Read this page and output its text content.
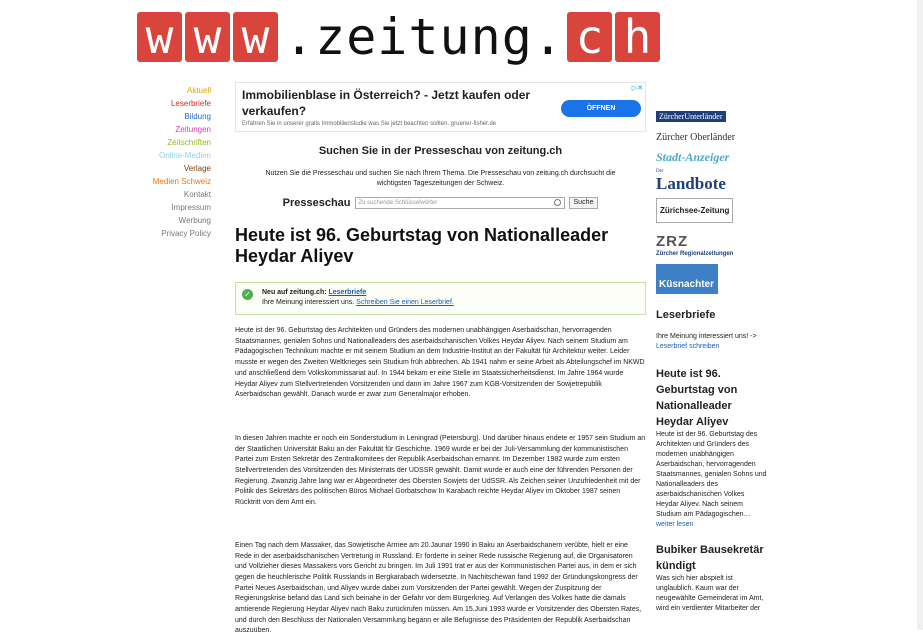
w w w .zeitung. c h
Aktuell
Leserbriefe
Bildung
Zeitungen
Zeitschriften
Online-Medien
Verlage
Medien Schweiz
Kontakt
Impressum
Werbung
Privacy Policy
Immobilienblase in Österreich? - Jetzt kaufen oder verkaufen?
Erfahren Sie in unserer gratis Immobilienstudie was Sie jetzt beachten sollten. gruener-fisher.de
ÖFFNEN
▷✕
Suchen Sie in der Presseschau von zeitung.ch
Nutzen Sie die Presseschau und suchen Sie nach Ihrem Thema. Die Presseschau von zeitung.ch durchsucht die wichtigsten Tageszeitungen der Schweiz.
Presseschau	Zu suchende Schlüsselwörter	Suche
Heute ist 96. Geburtstag von Nationalleader Heydar Aliyev
✓	Neu auf zeitung.ch: Leserbriefe
Ihre Meinung interessiert uns. Schreiben Sie einen Leserbrief.

Heute ist der 96. Geburtstag des Architekten und Gründers des modernen unabhängigen Aserbaidschan, hervorragenden Staatsmannes, genialen Sohns und Nationalleaders des aserbaidschanischen Volkes Heydar Aliyev. Nach seinem Studium am Pädagogischen Technikum machte er mit seinem Studium an dem Industrie-Institut an der Fakultät für Architektur weiter. Leider musste er wegen des Zweiten Weltkrieges sein Studium früh abbrechen. Ab 1941 nahm er seine Arbeit als Abteilungschef im NKWD und anschließend dem Volkskommissariat auf. In 1944 bekam er eine Stelle im Staatssicherheitsdienst. Im Jahre 1964 wurde Heydar Aliyev zum Stellvertretenden Vorsitzenden und dann im Jahre 1967 zum KGB-Vorsitzenden der Sowjetrepublik Aserbaidschan gewählt. Danach wurde er zwar zum Generalmajor erhoben.

In diesen Jahren machte er noch ein Sonderstudium in Leningrad (Petersburg). Und darüber hinaus endete er 1957 sein Studium an der Staatlichen Universität Baku an der Fakultät für Geschichte. 1969 wurde er bei der Juli-Versammlung der kommunistischen Partei zum Ersten Sekretär des Zentralkomitees der Republik Aserbaidschan ernannt. Im Dezember 1982 wurde zum ersten Stellvertretenden des Vorsitzenden des Ministerrats der UDSSR gewählt. Damit wurde er auch eine der führenden Personen der Regierung. Zwanzig Jahre lang war er Abgeordneter des Obersten Sowjets der UdSSR. Als Zeichen seiner Unzufriedenheit mit der Politik des Sekretärs des politischen Büros Michael Gorbatschow In Karabach reichte Heydar Aliyev im Oktober 1987 seinen Rücktritt von dem Amt ein.

Einen Tag nach dem Massaker, das Sowjetische Armee am 20.Jaunar 1990 in Baku an Aserbaidschanern verübte, hielt er eine Rede in der aserbaidschanischen Vertretung in Russland. Er forderte in seiner Rede russische Regierung auf, die Organisatoren und Vollzieher dieses Massakers vors Gericht zu bringen. Im Juli 1991 trat er aus der Kommunistischen Partei aus, in dem er sich gegen die heuchlerische Politik Russlands in Bergkarabach widersetzte. In Nachitschewan fand 1992 der Gründungskongress der Partei Neues Aserbaidschan, und Aliyev wurde dabei zum Vorsitzenden der Partei gewählt. Wegen der Zuspitzung der Regierungskrise befand das Land sich beinahe in der Gefahr vor dem Bürgerkrieg. Auf Verlangen des Volkes hatte die damals amtierende Regierung Heydar Aliyev nach Baku zurückrufen müssen. Am 15.Juni 1993 wurde er Vorsitzender des Obersten Rates, und durch den Beschluss der Nationalen Versammlung begann er alle Befugnisse des Präsidenten der Republik Aserbaidschan auszuüben.

ZürcherUnterländer
Zürcher Oberländer
Stadt-Anzeiger
Der
Landbote
Zürichsee-Zeitung
ZRZ
Zürcher Regionalzeitungen
Küsnachter
Leserbriefe
Ihre Meinung interessiert uns! ->
Leserbrief schreiben
Heute ist 96. Geburtstag von Nationalleader Heydar Aliyev
Heute ist der 96. Geburtstag des Architekten und Gründers des modernen unabhängigen Aserbaidschan, hervorragenden Staatsmannes, genialen Sohns und Nationalleaders des aserbaidschanischen Volkes Heydar Aliyev. Nach seinem Studium am Pädagogischen…
weiter lesen
Bubiker Bausekretär kündigt
Was sich hier abspielt ist unglaublich. Kaum war der neugewählte Gemeinderat im Amt, wird ein verdienter Mitarbeiter der
